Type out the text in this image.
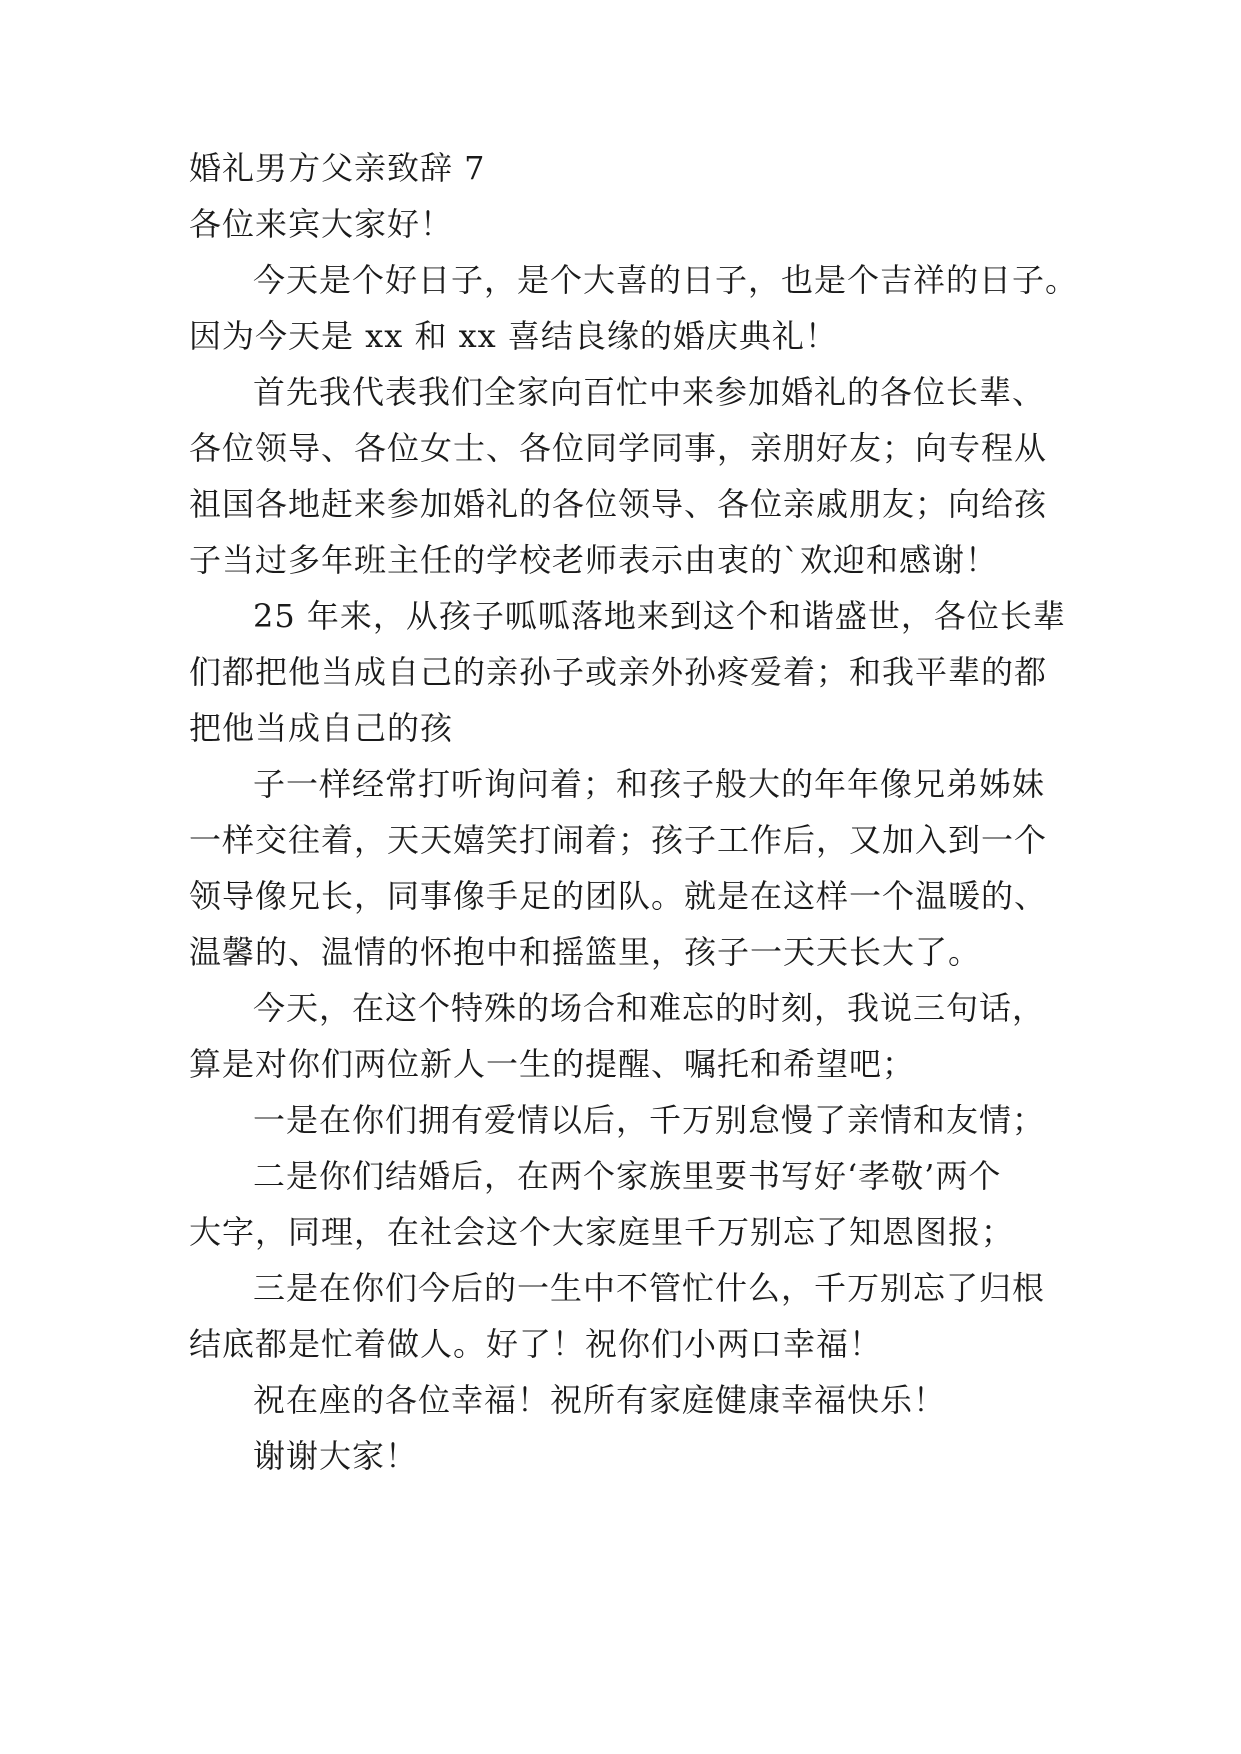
婚礼男方父亲致辞 7
各位来宾大家好！
今天是个好日子，是个大喜的日子，也是个吉祥的日子。
因为今天是 xx 和 xx 喜结良缘的婚庆典礼！
首先我代表我们全家向百忙中来参加婚礼的各位长辈、
各位领导、各位女士、各位同学同事，亲朋好友；向专程从
祖国各地赶来参加婚礼的各位领导、各位亲戚朋友；向给孩
子当过多年班主任的学校老师表示由衷的`欢迎和感谢！
25 年来，从孩子呱呱落地来到这个和谐盛世，各位长辈
们都把他当成自己的亲孙子或亲外孙疼爱着；和我平辈的都
把他当成自己的孩
子一样经常打听询问着；和孩子般大的年年像兄弟姊妹
一样交往着，天天嬉笑打闹着；孩子工作后，又加入到一个
领导像兄长，同事像手足的团队。就是在这样一个温暖的、
温馨的、温情的怀抱中和摇篮里，孩子一天天长大了。
今天，在这个特殊的场合和难忘的时刻，我说三句话，
算是对你们两位新人一生的提醒、嘱托和希望吧；
一是在你们拥有爱情以后，千万别怠慢了亲情和友情；
二是你们结婚后，在两个家族里要书写好‘孝敬’两个
大字，同理，在社会这个大家庭里千万别忘了知恩图报；
三是在你们今后的一生中不管忙什么，千万别忘了归根
结底都是忙着做人。好了！祝你们小两口幸福！
祝在座的各位幸福！祝所有家庭健康幸福快乐！
谢谢大家！
